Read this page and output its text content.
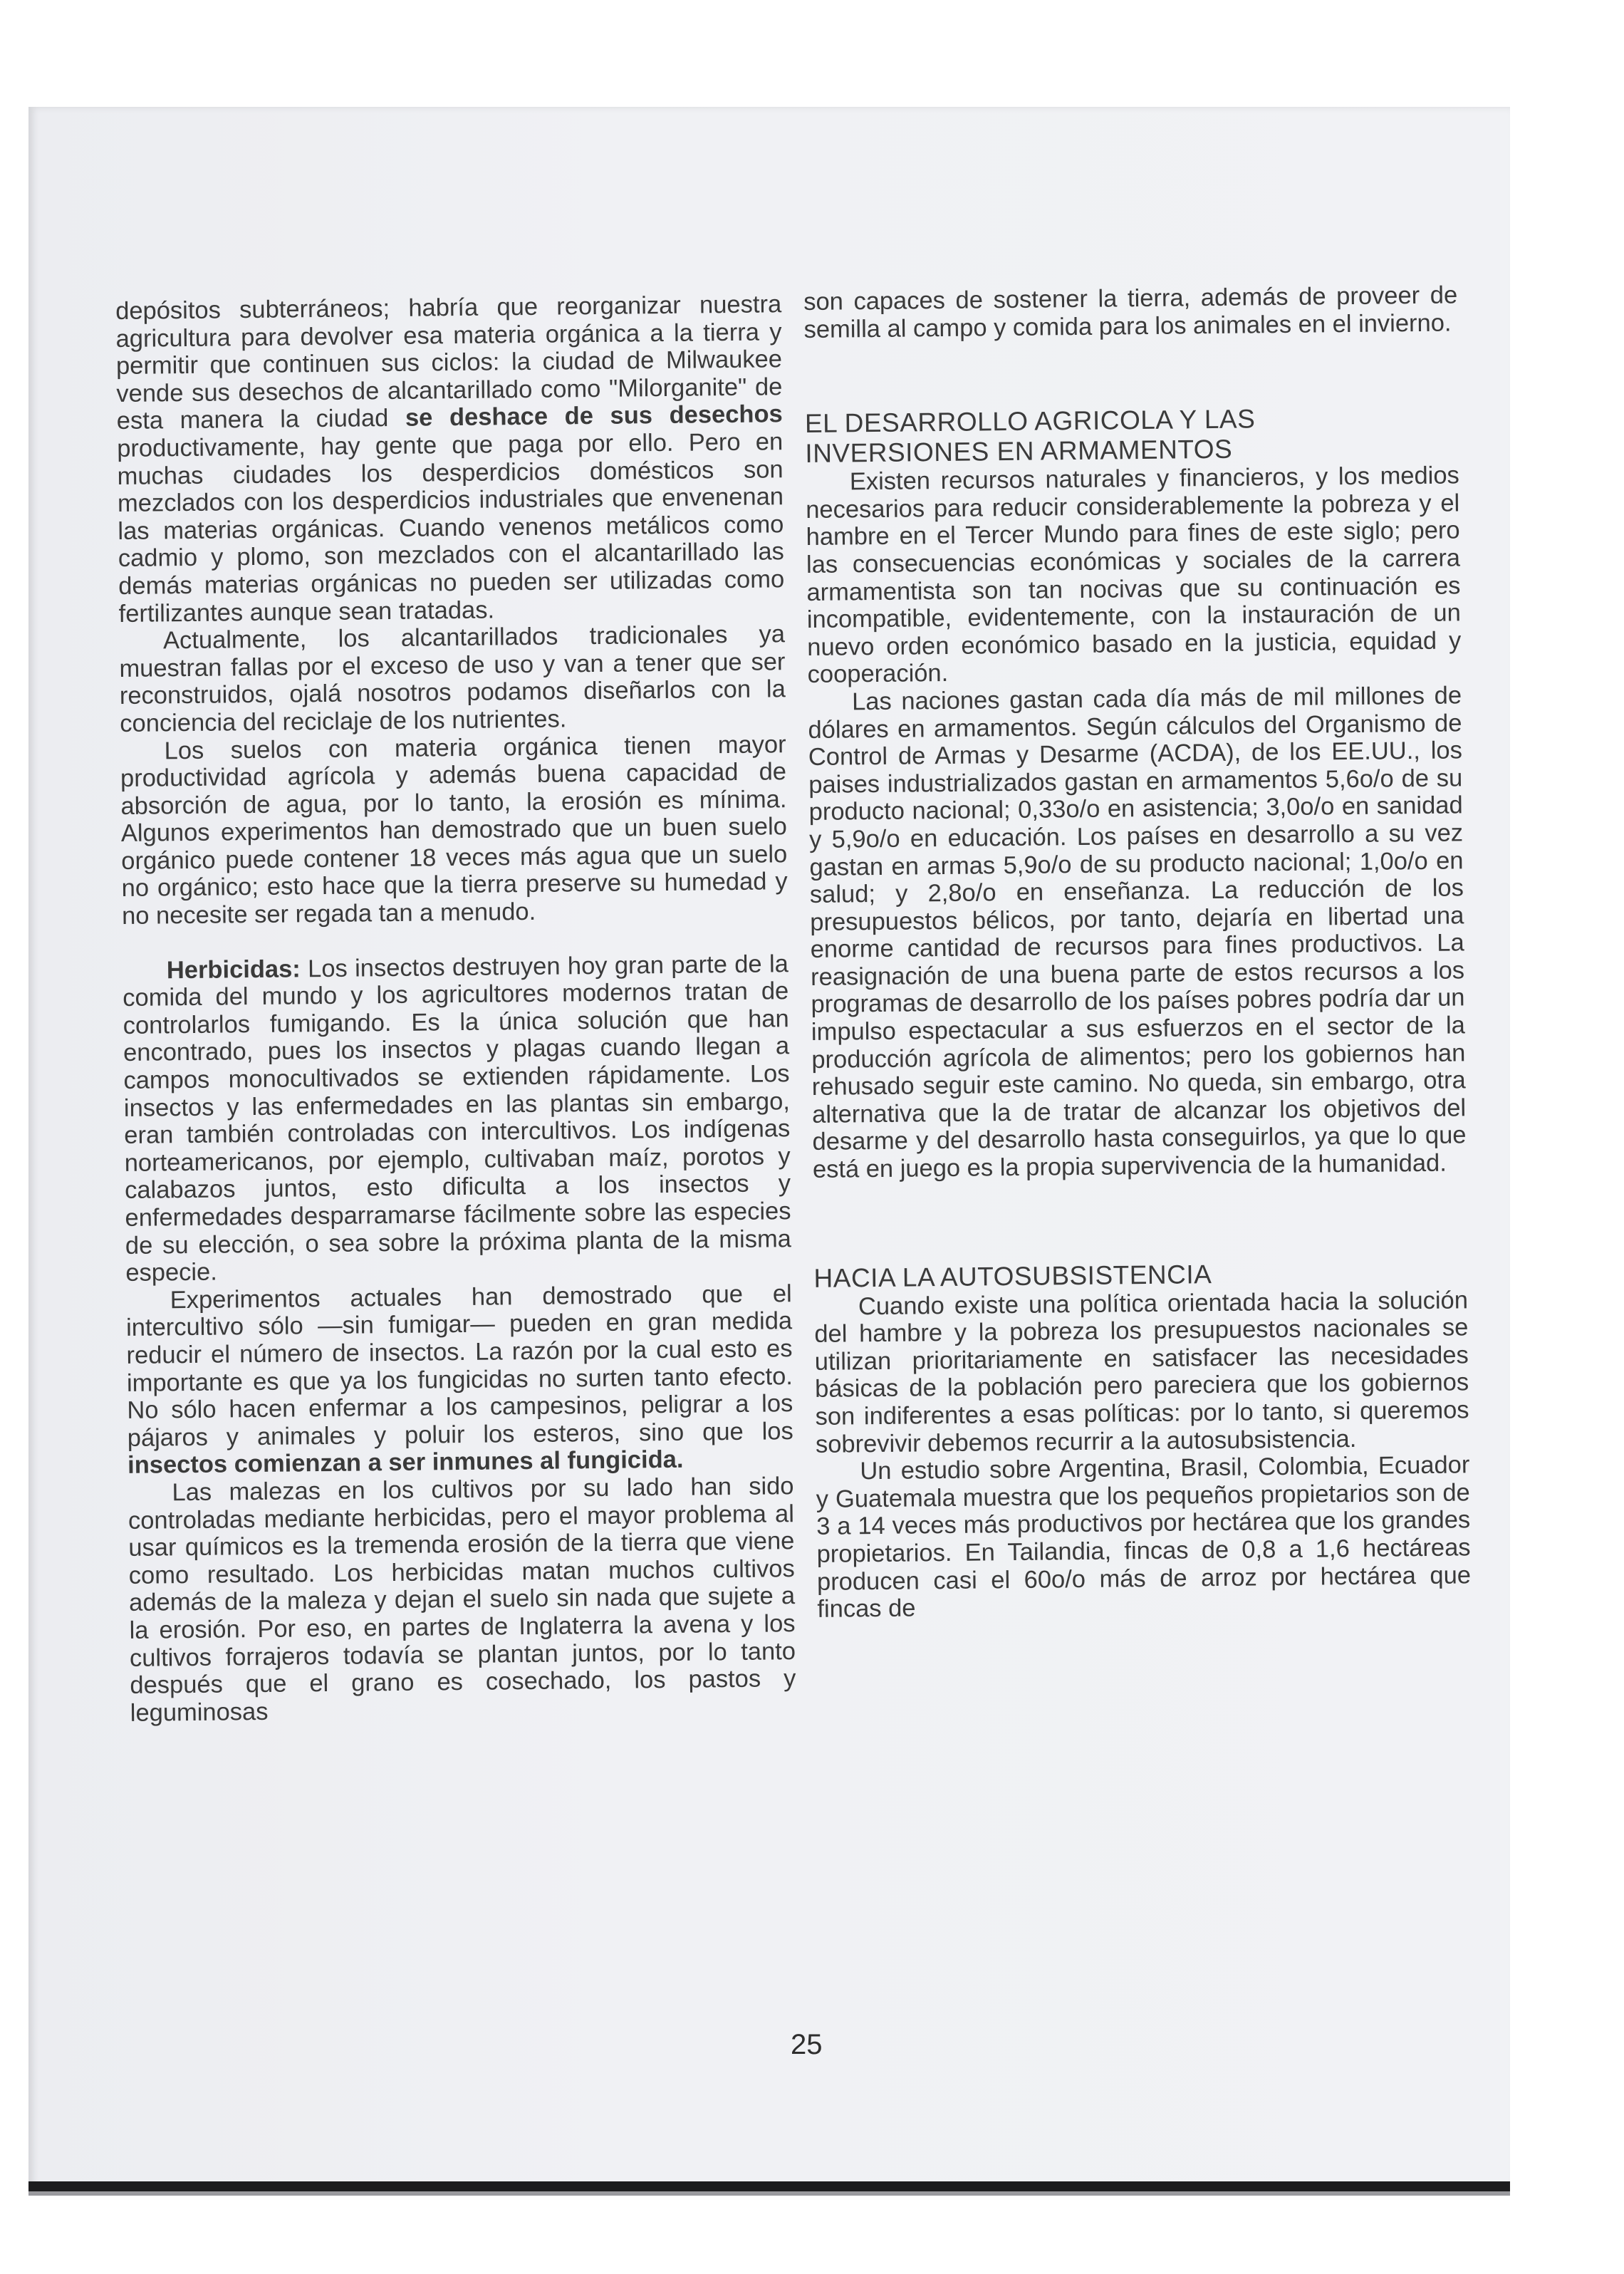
depósitos subterráneos; habría que reorganizar nuestra agricultura para devolver esa materia orgánica a la tierra y permitir que continuen sus ciclos: la ciudad de Milwaukee vende sus desechos de alcantarillado como "Milorganite" de esta manera la ciudad se deshace de sus desechos productivamente, hay gente que paga por ello. Pero en muchas ciudades los desperdicios domésticos son mezclados con los desperdicios industriales que envenenan las materias orgánicas. Cuando venenos metálicos como cadmio y plomo, son mezclados con el alcantarillado las demás materias orgánicas no pueden ser utilizadas como fertilizantes aunque sean tratadas.

Actualmente, los alcantarillados tradicionales ya muestran fallas por el exceso de uso y van a tener que ser reconstruidos, ojalá nosotros podamos diseñarlos con la conciencia del reciclaje de los nutrientes.

Los suelos con materia orgánica tienen mayor productividad agrícola y además buena capacidad de absorción de agua, por lo tanto, la erosión es mínima. Algunos experimentos han demostrado que un buen suelo orgánico puede contener 18 veces más agua que un suelo no orgánico; esto hace que la tierra preserve su humedad y no necesite ser regada tan a menudo.

Herbicidas: Los insectos destruyen hoy gran parte de la comida del mundo y los agricultores modernos tratan de controlarlos fumigando. Es la única solución que han encontrado, pues los insectos y plagas cuando llegan a campos monocultivados se extienden rápidamente. Los insectos y las enfermedades en las plantas sin embargo, eran también controladas con intercultivos. Los indígenas norteamericanos, por ejemplo, cultivaban maíz, porotos y calabazos juntos, esto dificulta a los insectos y enfermedades desparramarse fácilmente sobre las especies de su elección, o sea sobre la próxima planta de la misma especie.

Experimentos actuales han demostrado que el intercultivo sólo —sin fumigar— pueden en gran medida reducir el número de insectos. La razón por la cual esto es importante es que ya los fungicidas no surten tanto efecto. No sólo hacen enfermar a los campesinos, peligrar a los pájaros y animales y poluir los esteros, sino que los insectos comienzan a ser inmunes al fungicida.

Las malezas en los cultivos por su lado han sido controladas mediante herbicidas, pero el mayor problema al usar químicos es la tremenda erosión de la tierra que viene como resultado. Los herbicidas matan muchos cultivos además de la maleza y dejan el suelo sin nada que sujete a la erosión. Por eso, en partes de Inglaterra la avena y los cultivos forrajeros todavía se plantan juntos, por lo tanto después que el grano es cosechado, los pastos y leguminosas

son capaces de sostener la tierra, además de proveer de semilla al campo y comida para los animales en el invierno.

EL DESARROLLO AGRICOLA Y LAS
INVERSIONES EN ARMAMENTOS

Existen recursos naturales y financieros, y los medios necesarios para reducir considerablemente la pobreza y el hambre en el Tercer Mundo para fines de este siglo; pero las consecuencias económicas y sociales de la carrera armamentista son tan nocivas que su continuación es incompatible, evidentemente, con la instauración de un nuevo orden económico basado en la justicia, equidad y cooperación.

Las naciones gastan cada día más de mil millones de dólares en armamentos. Según cálculos del Organismo de Control de Armas y Desarme (ACDA), de los EE.UU., los paises industrializados gastan en armamentos 5,6o/o de su producto nacional; 0,33o/o en asistencia; 3,0o/o en sanidad y 5,9o/o en educación. Los países en desarrollo a su vez gastan en armas 5,9o/o de su producto nacional; 1,0o/o en salud; y 2,8o/o en enseñanza. La reducción de los presupuestos bélicos, por tanto, dejaría en libertad una enorme cantidad de recursos para fines productivos. La reasignación de una buena parte de estos recursos a los programas de desarrollo de los países pobres podría dar un impulso espectacular a sus esfuerzos en el sector de la producción agrícola de alimentos; pero los gobiernos han rehusado seguir este camino. No queda, sin embargo, otra alternativa que la de tratar de alcanzar los objetivos del desarme y del desarrollo hasta conseguirlos, ya que lo que está en juego es la propia supervivencia de la humanidad.

HACIA LA AUTOSUBSISTENCIA

Cuando existe una política orientada hacia la solución del hambre y la pobreza los presupuestos nacionales se utilizan prioritariamente en satisfacer las necesidades básicas de la población pero pareciera que los gobiernos son indiferentes a esas políticas: por lo tanto, si queremos sobrevivir debemos recurrir a la autosubsistencia.

Un estudio sobre Argentina, Brasil, Colombia, Ecuador y Guatemala muestra que los pequeños propietarios son de 3 a 14 veces más productivos por hectárea que los grandes propietarios. En Tailandia, fincas de 0,8 a 1,6 hectáreas producen casi el 60o/o más de arroz por hectárea que fincas de

25
